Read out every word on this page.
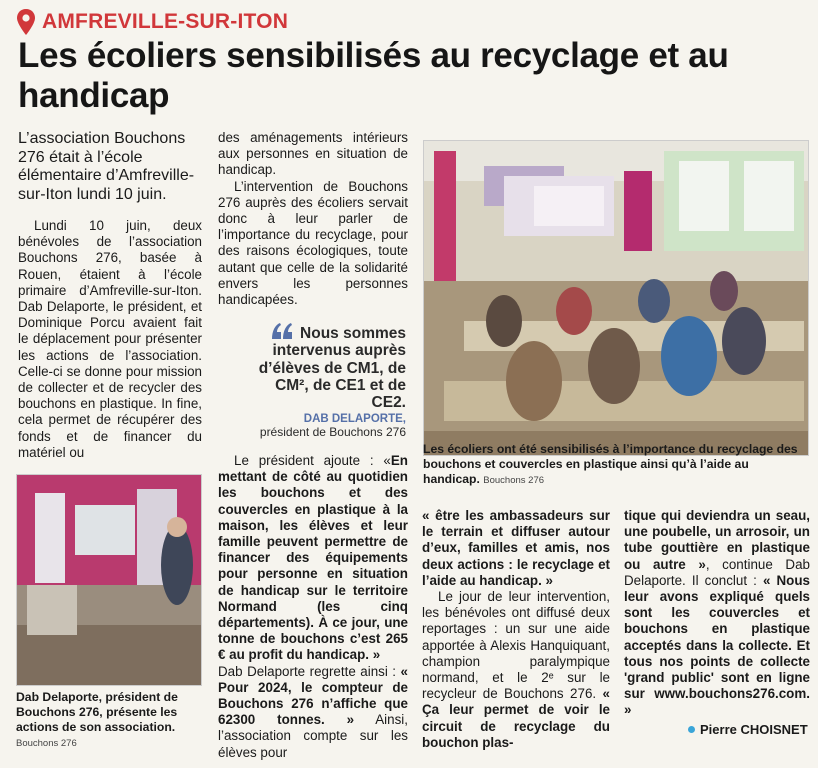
AMFREVILLE-SUR-ITON
Les écoliers sensibilisés au recyclage et au handicap

L’association Bouchons 276 était à l’école élémentaire d’Amfreville-sur-Iton lundi 10 juin.

Lundi 10 juin, deux bénévoles de l’association Bouchons 276, basée à Rouen, étaient à l’école primaire d’Amfreville-sur-Iton. Dab Delaporte, le président, et Dominique Porcu avaient fait le déplacement pour présenter les actions de l’association. Celle-ci se donne pour mission de collecter et de recycler des bouchons en plastique. In fine, cela permet de récupérer des fonds et de financer du matériel ou

des aménagements intérieurs aux personnes en situation de handicap.

L’intervention de Bouchons 276 auprès des écoliers servait donc à leur parler de l’importance du recyclage, pour des raisons écologiques, toute autant que celle de la solidarité envers les personnes handicapées.

Nous sommes intervenus auprès d’élèves de CM1, de CM², de CE1 et de CE2.
DAB DELAPORTE,
président de Bouchons 276

Le président ajoute : «En mettant de côté au quotidien les bouchons et des couvercles en plastique à la maison, les élèves et leur famille peuvent permettre de financer des équipements pour personne en situation de handicap sur le territoire Normand (les cinq départements). À ce jour, une tonne de bouchons c’est 265 € au profit du handicap. »

Dab Delaporte regrette ainsi : « Pour 2024, le compteur de Bouchons 276 n’affiche que 62300 tonnes. » Ainsi, l’association compte sur les élèves pour

Les écoliers ont été sensibilisés à l’importance du recyclage des bouchons et couvercles en plastique ainsi qu’à l’aide au handicap. Bouchons 276
Dab Delaporte, président de Bouchons 276, présente les actions de son association.
Bouchons 276

« être les ambassadeurs sur le terrain et diffuser autour d’eux, familles et amis, nos deux actions : le recyclage et l’aide au handicap. »

Le jour de leur intervention, les bénévoles ont diffusé deux reportages : un sur une aide apportée à Alexis Hanquiquant, champion paralympique normand, et le 2ᵉ sur le recycleur de Bouchons 276. « Ça leur permet de voir le circuit de recyclage du bouchon plas-

tique qui deviendra un seau, une poubelle, un arrosoir, un tube gouttière en plastique ou autre », continue Dab Delaporte. Il conclut : « Nous leur avons expliqué quels sont les couvercles et bouchons en plastique acceptés dans la collecte. Et tous nos points de collecte 'grand public' sont en ligne sur www.bouchons276.com. »

Pierre CHOISNET
